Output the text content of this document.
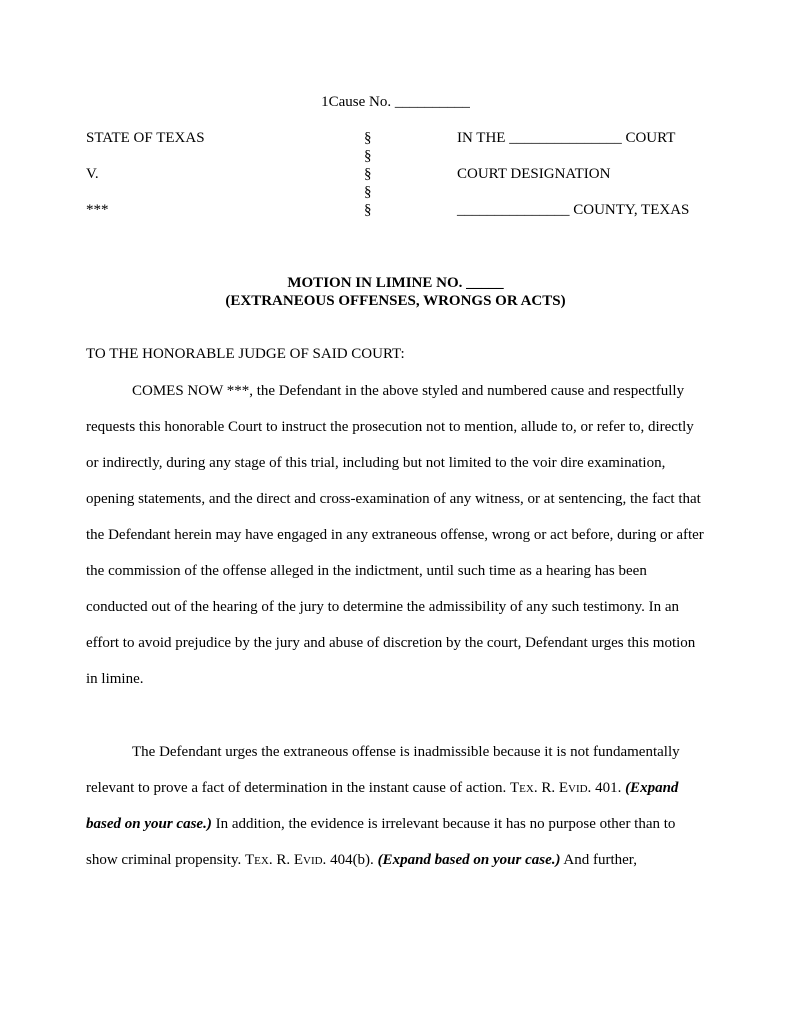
1Cause No. __________
STATE OF TEXAS	§	IN THE _______________ COURT
§
V.	§	COURT DESIGNATION
§
***	§	_______________ COUNTY, TEXAS
MOTION IN LIMINE NO. _____
(EXTRANEOUS OFFENSES, WRONGS OR ACTS)
TO THE HONORABLE JUDGE OF SAID COURT:

COMES NOW ***, the Defendant in the above styled and numbered cause and respectfully requests this honorable Court to instruct the prosecution not to mention, allude to, or refer to, directly or indirectly, during any stage of this trial, including but not limited to the voir dire examination, opening statements, and the direct and cross-examination of any witness, or at sentencing, the fact that the Defendant herein may have engaged in any extraneous offense, wrong or act before, during or after the commission of the offense alleged in the indictment, until such time as a hearing has been conducted out of the hearing of the jury to determine the admissibility of any such testimony. In an effort to avoid prejudice by the jury and abuse of discretion by the court, Defendant urges this motion in limine.

The Defendant urges the extraneous offense is inadmissible because it is not fundamentally relevant to prove a fact of determination in the instant cause of action. Tex. R. Evid. 401. (Expand based on your case.) In addition, the evidence is irrelevant because it has no purpose other than to show criminal propensity. Tex. R. Evid. 404(b). (Expand based on your case.) And further,
